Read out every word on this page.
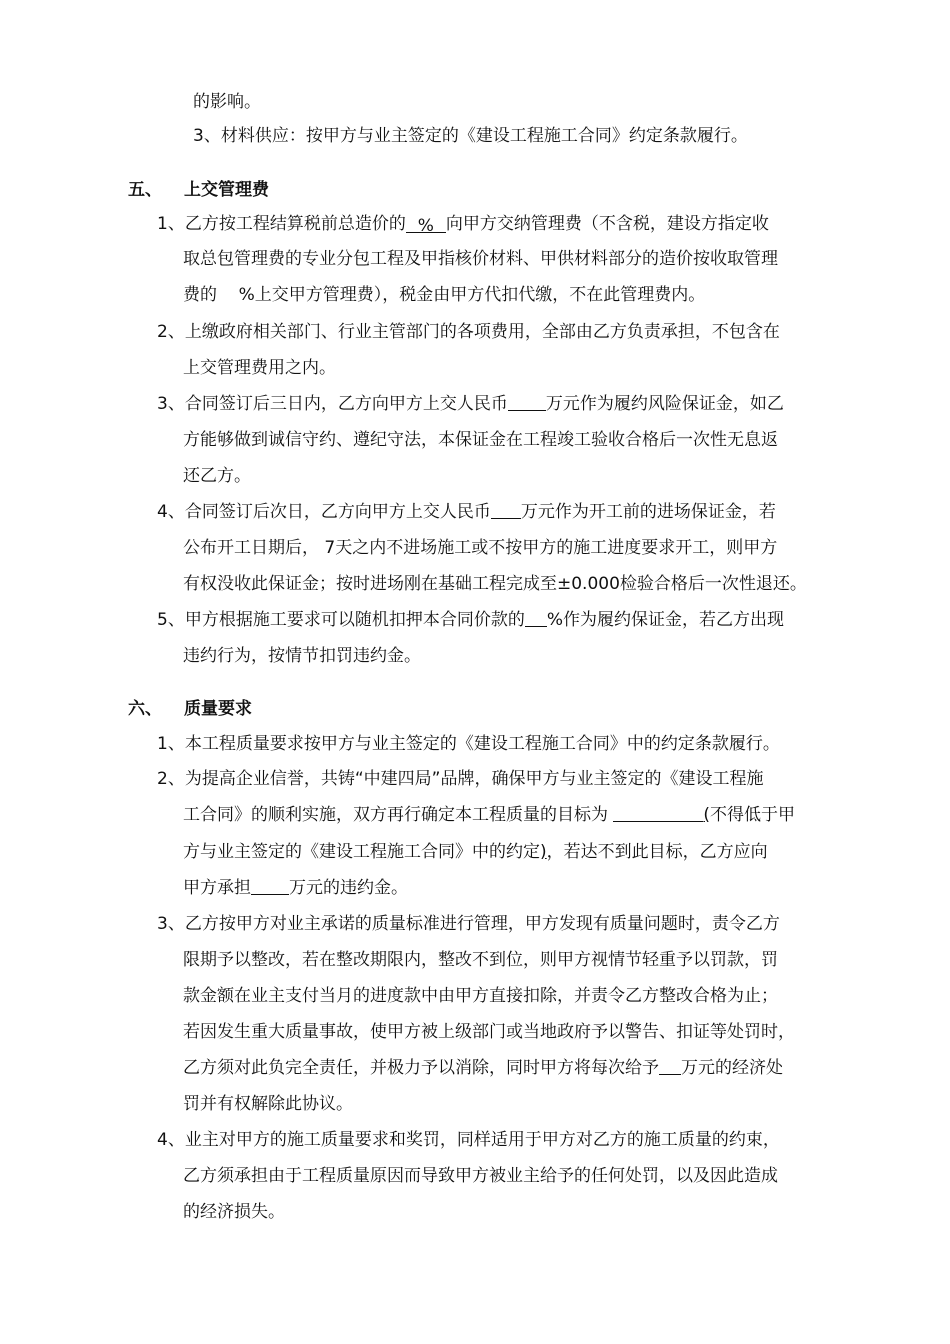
的影响。
3、材料供应：按甲方与业主签定的《建设工程施工合同》约定条款履行。
五、 上交管理费
1、乙方按工程结算税前总造价的 % 向甲方交纳管理费（不含税，建设方指定收
取总包管理费的专业分包工程及甲指核价材料、甲供材料部分的造价按收取管理
费的    %上交甲方管理费），税金由甲方代扣代缴，不在此管理费内。
2、上缴政府相关部门、行业主管部门的各项费用，全部由乙方负责承担，不包含在
上交管理费用之内。
3、合同签订后三日内，乙方向甲方上交人民币 万元作为履约风险保证金，如乙
方能够做到诚信守约、遵纪守法，本保证金在工程竣工验收合格后一次性无息返
还乙方。
4、合同签订后次日，乙方向甲方上交人民币 万元作为开工前的进场保证金，若
公布开工日期后， 7天之内不进场施工或不按甲方的施工进度要求开工，则甲方
有权没收此保证金；按时进场刚在基础工程完成至±0.000检验合格后一次性退还。
5、甲方根据施工要求可以随机扣押本合同价款的 %作为履约保证金，若乙方出现
违约行为，按情节扣罚违约金。
六、 质量要求
1、本工程质量要求按甲方与业主签定的《建设工程施工合同》中的约定条款履行。
2、为提高企业信誉，共铸“中建四局”品牌，确保甲方与业主签定的《建设工程施
工合同》的顺利实施，双方再行确定本工程质量的目标为	(不得低于甲
方与业主签定的《建设工程施工合同》中的约定)，若达不到此目标，乙方应向
甲方承担 万元的违约金。
3、乙方按甲方对业主承诺的质量标准进行管理，甲方发现有质量问题时，责令乙方
限期予以整改，若在整改期限内，整改不到位，则甲方视情节轻重予以罚款，罚
款金额在业主支付当月的进度款中由甲方直接扣除，并责令乙方整改合格为止；
若因发生重大质量事故，使甲方被上级部门或当地政府予以警告、扣证等处罚时，
乙方须对此负完全责任，并极力予以消除，同时甲方将每次给予 万元的经济处
罚并有权解除此协议。
4、业主对甲方的施工质量要求和奖罚，同样适用于甲方对乙方的施工质量的约束，
乙方须承担由于工程质量原因而导致甲方被业主给予的任何处罚，以及因此造成
的经济损失。
